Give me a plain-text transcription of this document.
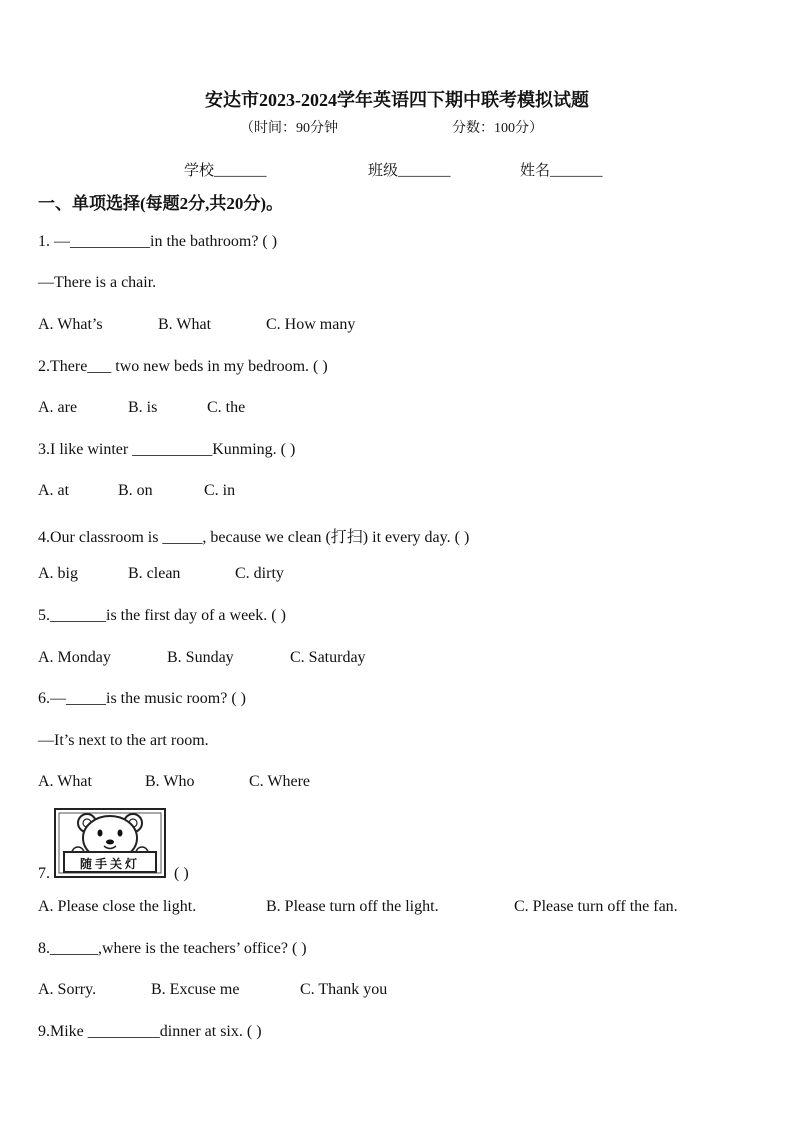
安达市2023-2024学年英语四下期中联考模拟试题
（时间：90分钟	分数：100分）
学校_______	班级_______	姓名_______
一、单项选择(每题2分,共20分)。
1. —__________in the bathroom? ( )
—There is a chair.
A. What’s	B. What	C. How many
2.There___ two new beds in my bedroom. ( )
A. are	B. is	C. the
3.I like winter __________Kunming. ( )
A. at	B. on	C. in
4.Our classroom is _____, because we clean (打扫) it every day. ( )
A. big	B. clean	C. dirty
5._______is the first day of a week. ( )
A. Monday	B. Sunday	C. Saturday
6.—_____is the music room? ( )
—It’s next to the art room.
A. What	B. Who	C. Where
7.
随手关灯
( )
A. Please close the light.	B. Please turn off the light.	C. Please turn off the fan.
8.______,where is the teachers’ office? ( )
A. Sorry.	B. Excuse me	C. Thank you
9.Mike _________dinner at six. ( )
